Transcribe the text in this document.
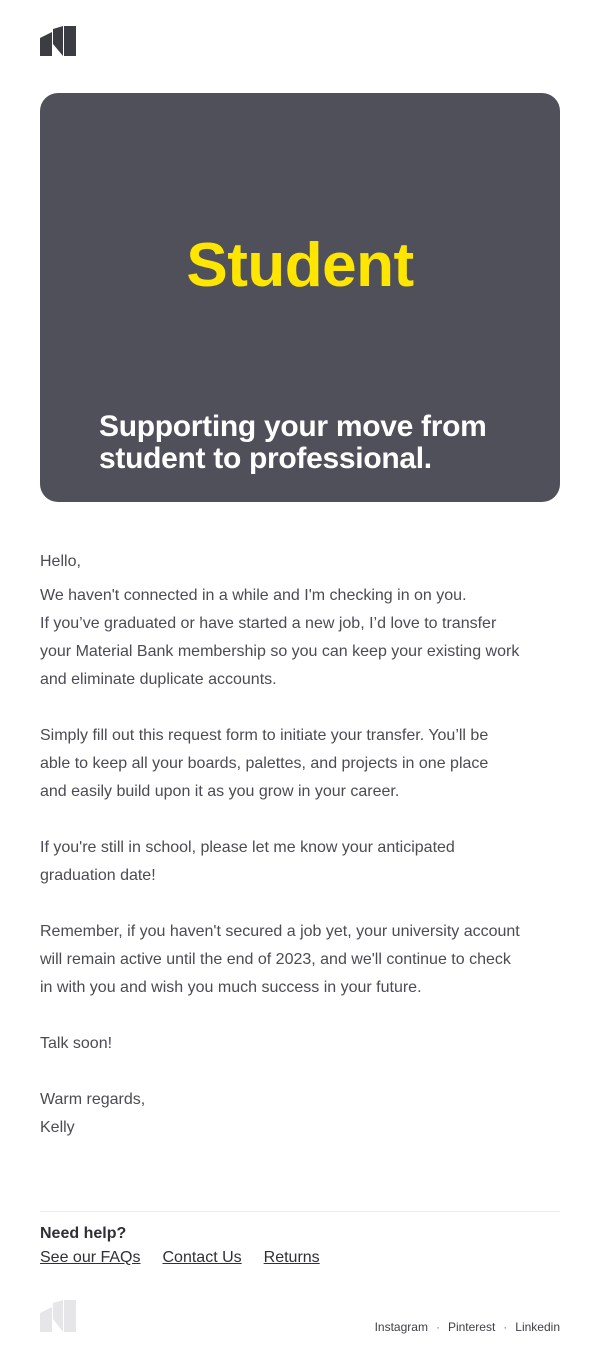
Student
Supporting your move from
student to professional.

Hello,

We haven't connected in a while and I'm checking in on you.

If you’ve graduated or have started a new job, I’d love to transfer

your Material Bank membership so you can keep your existing work

and eliminate duplicate accounts.

Simply fill out this request form to initiate your transfer. You’ll be

able to keep all your boards, palettes, and projects in one place

and easily build upon it as you grow in your career.

If you're still in school, please let me know your anticipated

graduation date!

Remember, if you haven't secured a job yet, your university account

will remain active until the end of 2023, and we'll continue to check

in with you and wish you much success in your future.

Talk soon!

Warm regards,

Kelly

Need help?
See our FAQs Contact Us Returns
Instagram · Pinterest · Linkedin
